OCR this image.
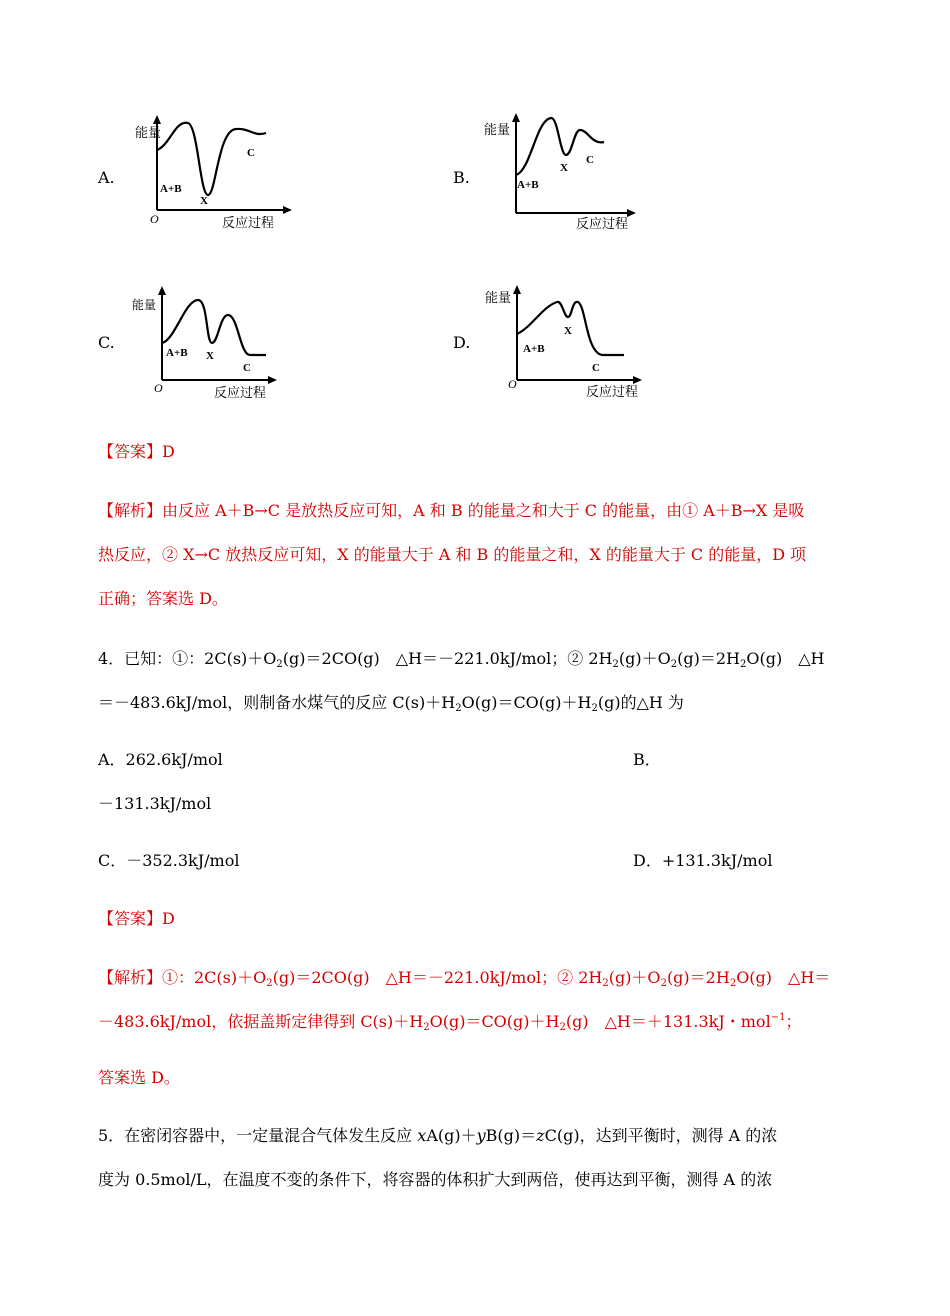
A.
能量
O
A+B
X
C
反应过程
B.
能量
A+B
X
C
反应过程
C.
能量
O
A+B X
C
反应过程
D.
能量
O
A+B
X
C
反应过程
【答案】D
【解析】由反应 A＋B→C 是放热反应可知，A 和 B 的能量之和大于 C 的能量，由① A＋B→X 是吸
热反应，② X→C 放热反应可知，X 的能量大于 A 和 B 的能量之和，X 的能量大于 C 的能量，D 项
正确；答案选 D。
4．已知：①：$2C(s)+O_2(g)=2CO(g)$　△H＝－221.0kJ/mol；② $2H_2(g)+O_2(g)=2H_2O(g)$　△H
＝－483.6kJ/mol，则制备水煤气的反应 $C(s)+H_2O(g)=CO(g)+H_2(g)$的△H 为
A．262.6kJ/mol	B．
－131.3kJ/mol
C．－352.3kJ/mol	D．+131.3kJ/mol
【答案】D
【解析】①：$2C(s)+O_2(g)=2CO(g)$　△H＝－221.0kJ/mol；② $2H_2(g)+O_2(g)=2H_2O(g)$　△H＝
－483.6kJ/mol，依据盖斯定律得到 $C(s)+H_2O(g)=CO(g)+H_2(g)$　△H＝＋131.3kJ・mol$^{-1}$；
答案选 D。
5．在密闭容器中，一定量混合气体发生反应 xA(g)＋yB(g)＝zC(g)，达到平衡时，测得 A 的浓
度为 0.5mol/L，在温度不变的条件下，将容器的体积扩大到两倍，使再达到平衡，测得 A 的浓
